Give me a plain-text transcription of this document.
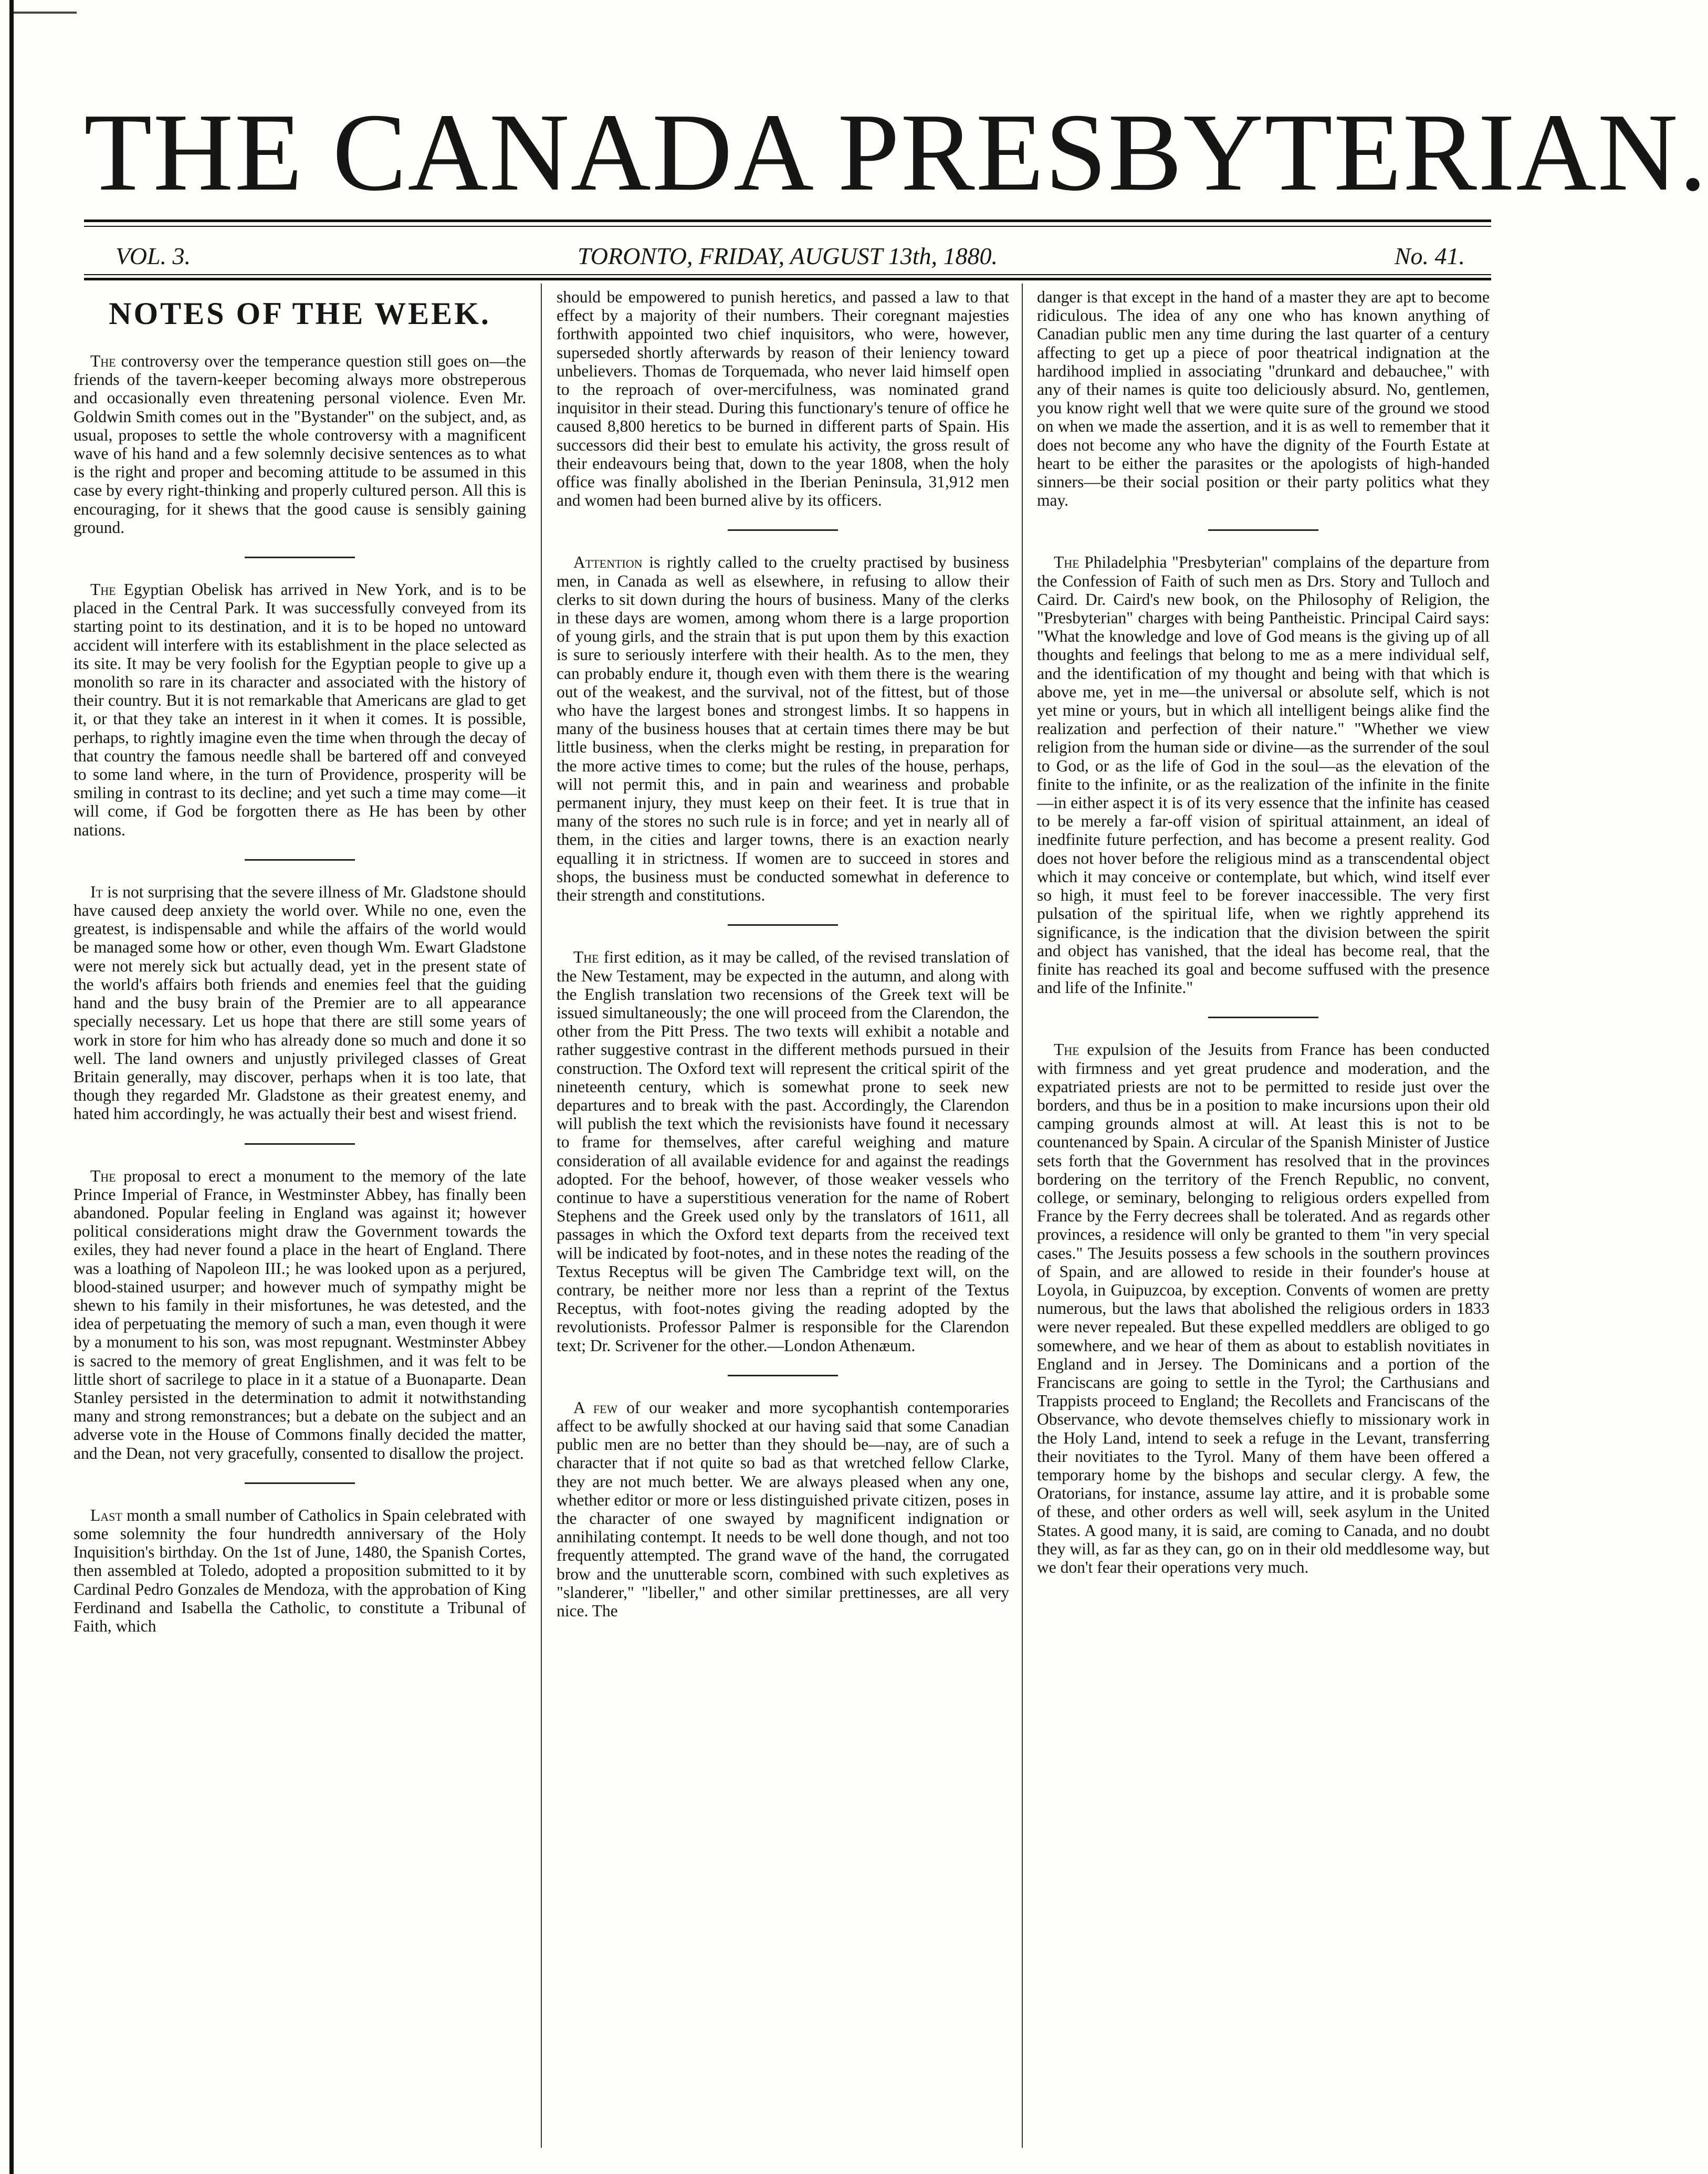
THE CANADA PRESBYTERIAN.
VOL. 3.	TORONTO, FRIDAY, AUGUST 13th, 1880.	No. 41.
NOTES OF THE WEEK.

The controversy over the temperance question still goes on—the friends of the tavern-keeper becoming always more obstreperous and occasionally even threatening personal violence. Even Mr. Goldwin Smith comes out in the "Bystander" on the subject, and, as usual, proposes to settle the whole controversy with a magnificent wave of his hand and a few solemnly decisive sentences as to what is the right and proper and becoming attitude to be assumed in this case by every right-thinking and properly cultured person. All this is encouraging, for it shews that the good cause is sensibly gaining ground.

The Egyptian Obelisk has arrived in New York, and is to be placed in the Central Park. It was successfully conveyed from its starting point to its destination, and it is to be hoped no untoward accident will interfere with its establishment in the place selected as its site. It may be very foolish for the Egyptian people to give up a monolith so rare in its character and associated with the history of their country. But it is not remarkable that Americans are glad to get it, or that they take an interest in it when it comes. It is possible, perhaps, to rightly imagine even the time when through the decay of that country the famous needle shall be bartered off and conveyed to some land where, in the turn of Providence, prosperity will be smiling in contrast to its decline; and yet such a time may come—it will come, if God be forgotten there as He has been by other nations.

It is not surprising that the severe illness of Mr. Gladstone should have caused deep anxiety the world over. While no one, even the greatest, is indispensable and while the affairs of the world would be managed some how or other, even though Wm. Ewart Gladstone were not merely sick but actually dead, yet in the present state of the world's affairs both friends and enemies feel that the guiding hand and the busy brain of the Premier are to all appearance specially necessary. Let us hope that there are still some years of work in store for him who has already done so much and done it so well. The land owners and unjustly privileged classes of Great Britain generally, may discover, perhaps when it is too late, that though they regarded Mr. Gladstone as their greatest enemy, and hated him accordingly, he was actually their best and wisest friend.

The proposal to erect a monument to the memory of the late Prince Imperial of France, in Westminster Abbey, has finally been abandoned. Popular feeling in England was against it; however political considerations might draw the Government towards the exiles, they had never found a place in the heart of England. There was a loathing of Napoleon III.; he was looked upon as a perjured, blood-stained usurper; and however much of sympathy might be shewn to his family in their misfortunes, he was detested, and the idea of perpetuating the memory of such a man, even though it were by a monument to his son, was most repugnant. Westminster Abbey is sacred to the memory of great Englishmen, and it was felt to be little short of sacrilege to place in it a statue of a Buonaparte. Dean Stanley persisted in the determination to admit it notwithstanding many and strong remonstrances; but a debate on the subject and an adverse vote in the House of Commons finally decided the matter, and the Dean, not very gracefully, consented to disallow the project.

Last month a small number of Catholics in Spain celebrated with some solemnity the four hundredth anniversary of the Holy Inquisition's birthday. On the 1st of June, 1480, the Spanish Cortes, then assembled at Toledo, adopted a proposition submitted to it by Cardinal Pedro Gonzales de Mendoza, with the approbation of King Ferdinand and Isabella the Catholic, to constitute a Tribunal of Faith, which

should be empowered to punish heretics, and passed a law to that effect by a majority of their numbers. Their coregnant majesties forthwith appointed two chief inquisitors, who were, however, superseded shortly afterwards by reason of their leniency toward unbelievers. Thomas de Torquemada, who never laid himself open to the reproach of over-mercifulness, was nominated grand inquisitor in their stead. During this functionary's tenure of office he caused 8,800 heretics to be burned in different parts of Spain. His successors did their best to emulate his activity, the gross result of their endeavours being that, down to the year 1808, when the holy office was finally abolished in the Iberian Peninsula, 31,912 men and women had been burned alive by its officers.

Attention is rightly called to the cruelty practised by business men, in Canada as well as elsewhere, in refusing to allow their clerks to sit down during the hours of business. Many of the clerks in these days are women, among whom there is a large proportion of young girls, and the strain that is put upon them by this exaction is sure to seriously interfere with their health. As to the men, they can probably endure it, though even with them there is the wearing out of the weakest, and the survival, not of the fittest, but of those who have the largest bones and strongest limbs. It so happens in many of the business houses that at certain times there may be but little business, when the clerks might be resting, in preparation for the more active times to come; but the rules of the house, perhaps, will not permit this, and in pain and weariness and probable permanent injury, they must keep on their feet. It is true that in many of the stores no such rule is in force; and yet in nearly all of them, in the cities and larger towns, there is an exaction nearly equalling it in strictness. If women are to succeed in stores and shops, the business must be conducted somewhat in deference to their strength and constitutions.

The first edition, as it may be called, of the revised translation of the New Testament, may be expected in the autumn, and along with the English translation two recensions of the Greek text will be issued simultaneously; the one will proceed from the Clarendon, the other from the Pitt Press. The two texts will exhibit a notable and rather suggestive contrast in the different methods pursued in their construction. The Oxford text will represent the critical spirit of the nineteenth century, which is somewhat prone to seek new departures and to break with the past. Accordingly, the Clarendon will publish the text which the revisionists have found it necessary to frame for themselves, after careful weighing and mature consideration of all available evidence for and against the readings adopted. For the behoof, however, of those weaker vessels who continue to have a superstitious veneration for the name of Robert Stephens and the Greek used only by the translators of 1611, all passages in which the Oxford text departs from the received text will be indicated by foot-notes, and in these notes the reading of the Textus Receptus will be given The Cambridge text will, on the contrary, be neither more nor less than a reprint of the Textus Receptus, with foot-notes giving the reading adopted by the revolutionists. Professor Palmer is responsible for the Clarendon text; Dr. Scrivener for the other.—London Athenæum.

A few of our weaker and more sycophantish contemporaries affect to be awfully shocked at our having said that some Canadian public men are no better than they should be—nay, are of such a character that if not quite so bad as that wretched fellow Clarke, they are not much better. We are always pleased when any one, whether editor or more or less distinguished private citizen, poses in the character of one swayed by magnificent indignation or annihilating contempt. It needs to be well done though, and not too frequently attempted. The grand wave of the hand, the corrugated brow and the unutterable scorn, combined with such expletives as "slanderer," "libeller," and other similar prettinesses, are all very nice. The

danger is that except in the hand of a master they are apt to become ridiculous. The idea of any one who has known anything of Canadian public men any time during the last quarter of a century affecting to get up a piece of poor theatrical indignation at the hardihood implied in associating "drunkard and debauchee," with any of their names is quite too deliciously absurd. No, gentlemen, you know right well that we were quite sure of the ground we stood on when we made the assertion, and it is as well to remember that it does not become any who have the dignity of the Fourth Estate at heart to be either the parasites or the apologists of high-handed sinners—be their social position or their party politics what they may.

The Philadelphia "Presbyterian" complains of the departure from the Confession of Faith of such men as Drs. Story and Tulloch and Caird. Dr. Caird's new book, on the Philosophy of Religion, the "Presbyterian" charges with being Pantheistic. Principal Caird says: "What the knowledge and love of God means is the giving up of all thoughts and feelings that belong to me as a mere individual self, and the identification of my thought and being with that which is above me, yet in me—the universal or absolute self, which is not yet mine or yours, but in which all intelligent beings alike find the realization and perfection of their nature." "Whether we view religion from the human side or divine—as the surrender of the soul to God, or as the life of God in the soul—as the elevation of the finite to the infinite, or as the realization of the infinite in the finite—in either aspect it is of its very essence that the infinite has ceased to be merely a far-off vision of spiritual attainment, an ideal of inedfinite future perfection, and has become a present reality. God does not hover before the religious mind as a transcendental object which it may conceive or contemplate, but which, wind itself ever so high, it must feel to be forever inaccessible. The very first pulsation of the spiritual life, when we rightly apprehend its significance, is the indication that the division between the spirit and object has vanished, that the ideal has become real, that the finite has reached its goal and become suffused with the presence and life of the Infinite."

The expulsion of the Jesuits from France has been conducted with firmness and yet great prudence and moderation, and the expatriated priests are not to be permitted to reside just over the borders, and thus be in a position to make incursions upon their old camping grounds almost at will. At least this is not to be countenanced by Spain. A circular of the Spanish Minister of Justice sets forth that the Government has resolved that in the provinces bordering on the territory of the French Republic, no convent, college, or seminary, belonging to religious orders expelled from France by the Ferry decrees shall be tolerated. And as regards other provinces, a residence will only be granted to them "in very special cases." The Jesuits possess a few schools in the southern provinces of Spain, and are allowed to reside in their founder's house at Loyola, in Guipuzcoa, by exception. Convents of women are pretty numerous, but the laws that abolished the religious orders in 1833 were never repealed. But these expelled meddlers are obliged to go somewhere, and we hear of them as about to establish novitiates in England and in Jersey. The Dominicans and a portion of the Franciscans are going to settle in the Tyrol; the Carthusians and Trappists proceed to England; the Recollets and Franciscans of the Observance, who devote themselves chiefly to missionary work in the Holy Land, intend to seek a refuge in the Levant, transferring their novitiates to the Tyrol. Many of them have been offered a temporary home by the bishops and secular clergy. A few, the Oratorians, for instance, assume lay attire, and it is probable some of these, and other orders as well will, seek asylum in the United States. A good many, it is said, are coming to Canada, and no doubt they will, as far as they can, go on in their old meddlesome way, but we don't fear their operations very much.
